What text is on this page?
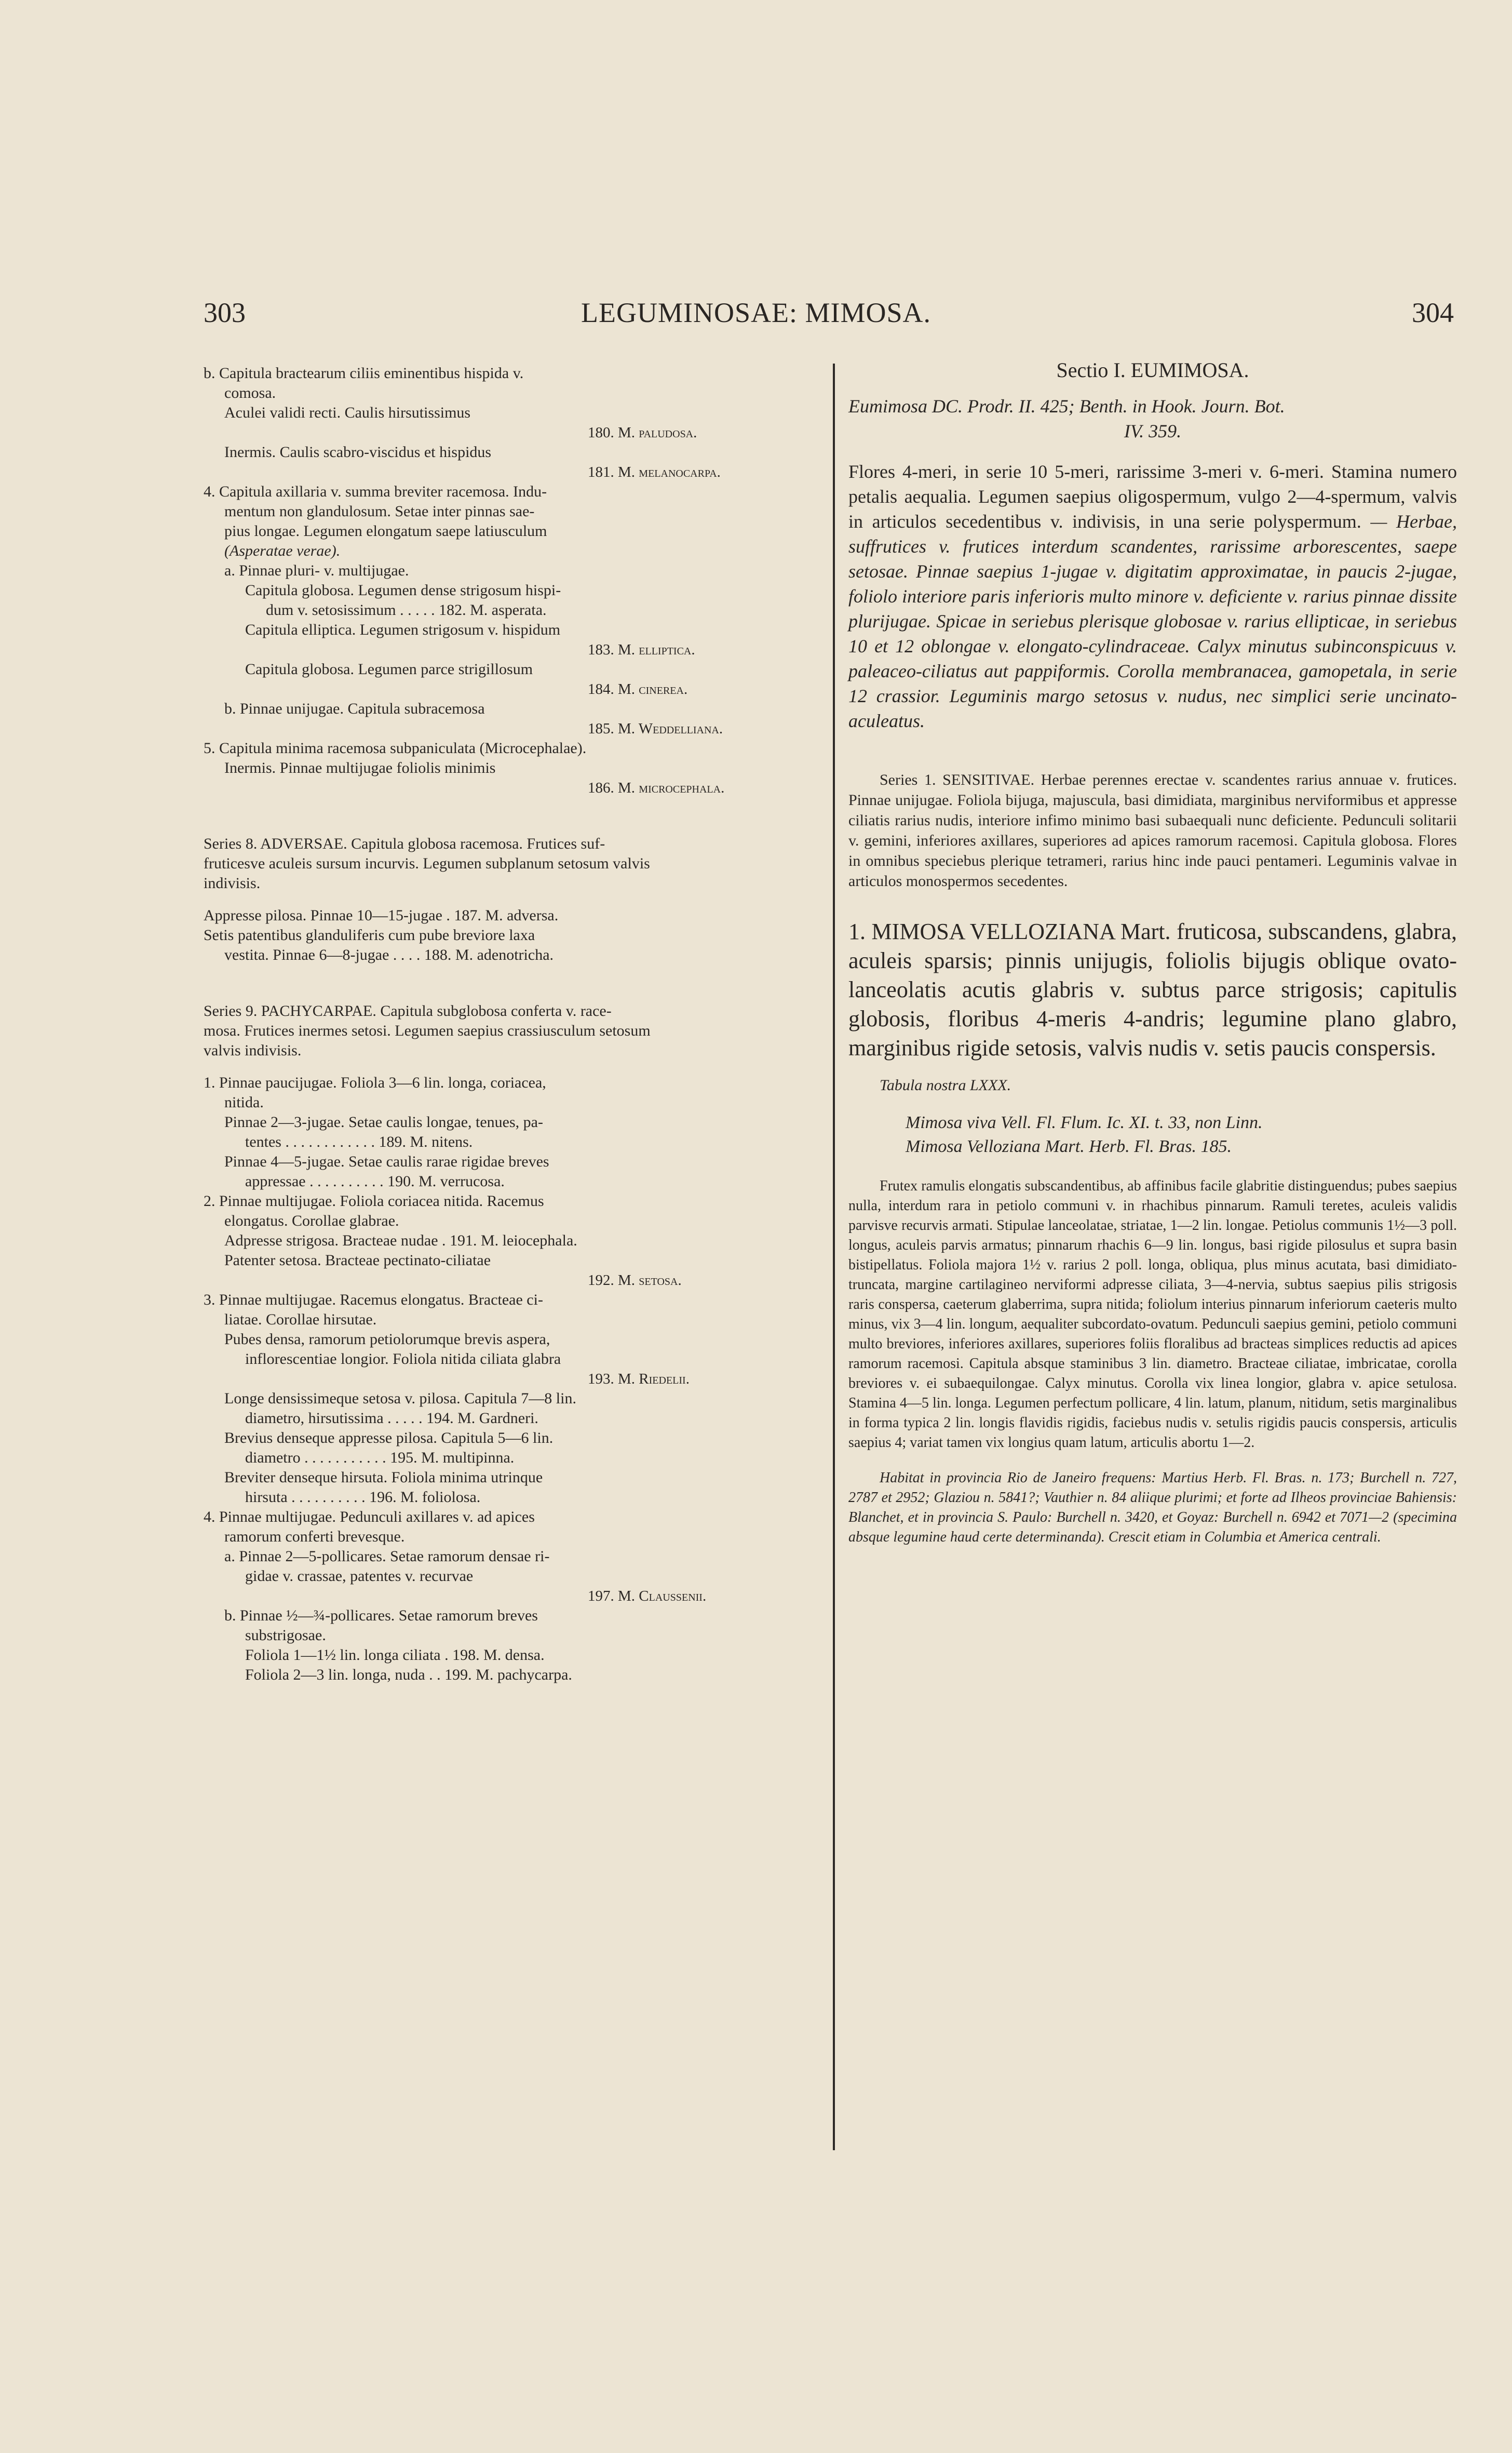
303	LEGUMINOSAE: MIMOSA.	304
b. Capitula bractearum ciliis eminentibus hispida v.
comosa.
Aculei validi recti. Caulis hirsutissimus
180. M. paludosa.
Inermis. Caulis scabro-viscidus et hispidus
181. M. melanocarpa.
4. Capitula axillaria v. summa breviter racemosa. Indu-
mentum non glandulosum. Setae inter pinnas sae-
pius longae. Legumen elongatum saepe latiusculum
(Asperatae verae).
a. Pinnae pluri- v. multijugae.
Capitula globosa. Legumen dense strigosum hispi-
dum v. setosissimum . . . . . 182. M. asperata.
Capitula elliptica. Legumen strigosum v. hispidum
183. M. elliptica.
Capitula globosa. Legumen parce strigillosum
184. M. cinerea.
b. Pinnae unijugae. Capitula subracemosa
185. M. Weddelliana.
5. Capitula minima racemosa subpaniculata (Microcephalae).
Inermis. Pinnae multijugae foliolis minimis
186. M. microcephala.
Series 8. ADVERSAE. Capitula globosa racemosa. Frutices suf-
fruticesve aculeis sursum incurvis. Legumen subplanum setosum valvis
indivisis.
Appresse pilosa. Pinnae 10—15-jugae . 187. M. adversa.
Setis patentibus glanduliferis cum pube breviore laxa
vestita. Pinnae 6—8-jugae . . . . 188. M. adenotricha.
Series 9. PACHYCARPAE. Capitula subglobosa conferta v. race-
mosa. Frutices inermes setosi. Legumen saepius crassiusculum setosum
valvis indivisis.
1. Pinnae paucijugae. Foliola 3—6 lin. longa, coriacea,
nitida.
Pinnae 2—3-jugae. Setae caulis longae, tenues, pa-
tentes . . . . . . . . . . . . 189. M. nitens.
Pinnae 4—5-jugae. Setae caulis rarae rigidae breves
appressae . . . . . . . . . . 190. M. verrucosa.
2. Pinnae multijugae. Foliola coriacea nitida. Racemus
elongatus. Corollae glabrae.
Adpresse strigosa. Bracteae nudae . 191. M. leiocephala.
Patenter setosa. Bracteae pectinato-ciliatae
192. M. setosa.
3. Pinnae multijugae. Racemus elongatus. Bracteae ci-
liatae. Corollae hirsutae.
Pubes densa, ramorum petiolorumque brevis aspera,
inflorescentiae longior. Foliola nitida ciliata glabra
193. M. Riedelii.
Longe densissimeque setosa v. pilosa. Capitula 7—8 lin.
diametro, hirsutissima . . . . . 194. M. Gardneri.
Brevius denseque appresse pilosa. Capitula 5—6 lin.
diametro . . . . . . . . . . . 195. M. multipinna.
Breviter denseque hirsuta. Foliola minima utrinque
hirsuta . . . . . . . . . . 196. M. foliolosa.
4. Pinnae multijugae. Pedunculi axillares v. ad apices
ramorum conferti brevesque.
a. Pinnae 2—5-pollicares. Setae ramorum densae ri-
gidae v. crassae, patentes v. recurvae
197. M. Claussenii.
b. Pinnae ½—¾-pollicares. Setae ramorum breves
substrigosae.
Foliola 1—1½ lin. longa ciliata . 198. M. densa.
Foliola 2—3 lin. longa, nuda . . 199. M. pachycarpa.
Sectio I. EUMIMOSA.
Eumimosa DC. Prodr. II. 425; Benth. in Hook. Journ. Bot.
IV. 359.
Flores 4-meri, in serie 10 5-meri, rarissime 3-meri v. 6-meri. Stamina numero petalis aequalia. Legumen saepius oligospermum, vulgo 2—4-spermum, valvis in articulos secedentibus v. indivisis, in una serie polyspermum. — Herbae, suffrutices v. frutices interdum scandentes, rarissime arborescentes, saepe setosae. Pinnae saepius 1-jugae v. digitatim approximatae, in paucis 2-jugae, foliolo interiore paris inferioris multo minore v. deficiente v. rarius pinnae dissite plurijugae. Spicae in seriebus plerisque globosae v. rarius ellipticae, in seriebus 10 et 12 oblongae v. elongato-cylindraceae. Calyx minutus subinconspicuus v. paleaceo-ciliatus aut pappiformis. Corolla membranacea, gamopetala, in serie 12 crassior. Leguminis margo setosus v. nudus, nec simplici serie uncinato-aculeatus.
Series 1. SENSITIVAE. Herbae perennes erectae v. scandentes rarius annuae v. frutices. Pinnae unijugae. Foliola bijuga, majuscula, basi dimidiata, marginibus nerviformibus et appresse ciliatis rarius nudis, interiore infimo minimo basi subaequali nunc deficiente. Pedunculi solitarii v. gemini, inferiores axillares, superiores ad apices ramorum racemosi. Capitula globosa. Flores in omnibus speciebus plerique tetrameri, rarius hinc inde pauci pentameri. Leguminis valvae in articulos monospermos secedentes.
1. MIMOSA VELLOZIANA Mart. fruticosa, subscandens, glabra, aculeis sparsis; pinnis unijugis, foliolis bijugis oblique ovato-lanceolatis acutis glabris v. subtus parce strigosis; capitulis globosis, floribus 4-meris 4-andris; legumine plano glabro, marginibus rigide setosis, valvis nudis v. setis paucis conspersis.
Tabula nostra LXXX.
Mimosa viva Vell. Fl. Flum. Ic. XI. t. 33, non Linn.
Mimosa Velloziana Mart. Herb. Fl. Bras. 185.
Frutex ramulis elongatis subscandentibus, ab affinibus facile glabritie distinguendus; pubes saepius nulla, interdum rara in petiolo communi v. in rhachibus pinnarum. Ramuli teretes, aculeis validis parvisve recurvis armati. Stipulae lanceolatae, striatae, 1—2 lin. longae. Petiolus communis 1½—3 poll. longus, aculeis parvis armatus; pinnarum rhachis 6—9 lin. longus, basi rigide pilosulus et supra basin bistipellatus. Foliola majora 1½ v. rarius 2 poll. longa, obliqua, plus minus acutata, basi dimidiato-truncata, margine cartilagineo nerviformi adpresse ciliata, 3—4-nervia, subtus saepius pilis strigosis raris conspersa, caeterum glaberrima, supra nitida; foliolum interius pinnarum inferiorum caeteris multo minus, vix 3—4 lin. longum, aequaliter subcordato-ovatum. Pedunculi saepius gemini, petiolo communi multo breviores, inferiores axillares, superiores foliis floralibus ad bracteas simplices reductis ad apices ramorum racemosi. Capitula absque staminibus 3 lin. diametro. Bracteae ciliatae, imbricatae, corolla breviores v. ei subaequilongae. Calyx minutus. Corolla vix linea longior, glabra v. apice setulosa. Stamina 4—5 lin. longa. Legumen perfectum pollicare, 4 lin. latum, planum, nitidum, setis marginalibus in forma typica 2 lin. longis flavidis rigidis, faciebus nudis v. setulis rigidis paucis conspersis, articulis saepius 4; variat tamen vix longius quam latum, articulis abortu 1—2.
Habitat in provincia Rio de Janeiro frequens: Martius Herb. Fl. Bras. n. 173; Burchell n. 727, 2787 et 2952; Glaziou n. 5841?; Vauthier n. 84 aliique plurimi; et forte ad Ilheos provinciae Bahiensis: Blanchet, et in provincia S. Paulo: Burchell n. 3420, et Goyaz: Burchell n. 6942 et 7071—2 (specimina absque legumine haud certe determinanda). Crescit etiam in Columbia et America centrali.
